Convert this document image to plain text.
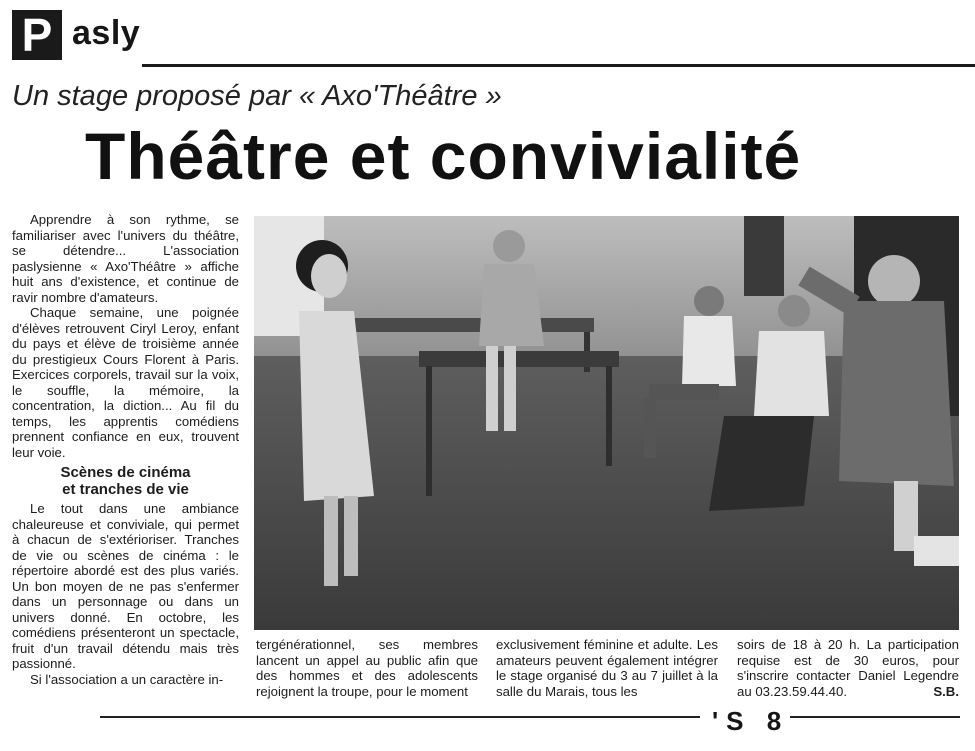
P asly
Un stage proposé par « Axo'Théâtre »
Théâtre et convivialité

Apprendre à son rythme, se familiariser avec l'univers du théâtre, se détendre... L'association paslysienne « Axo'Théâtre » affiche huit ans d'existence, et continue de ravir nombre d'amateurs.

Chaque semaine, une poignée d'élèves retrouvent Ciryl Leroy, enfant du pays et élève de troisième année du prestigieux Cours Florent à Paris. Exercices corporels, travail sur la voix, le souffle, la mémoire, la concentration, la diction... Au fil du temps, les apprentis comédiens prennent confiance en eux, trouvent leur voie.

Scènes de cinéma
et tranches de vie

Le tout dans une ambiance chaleureuse et conviviale, qui permet à chacun de s'extérioriser. Tranches de vie ou scènes de cinéma : le répertoire abordé est des plus variés. Un bon moyen de ne pas s'enfermer dans un personnage ou dans un univers donné. En octobre, les comédiens présenteront un spectacle, fruit d'un travail détendu mais très passionné.

Si l'association a un caractère in-

tergénérationnel, ses membres lancent un appel au public afin que des hommes et des adolescents rejoignent la troupe, pour le moment
exclusivement féminine et adulte. Les amateurs peuvent également intégrer le stage organisé du 3 au 7 juillet à la salle du Marais, tous les
soirs de 18 à 20 h. La participation requise est de 30 euros, pour s'inscrire contacter Daniel Legendre au 03.23.59.44.40.	S.B.
'S 8
